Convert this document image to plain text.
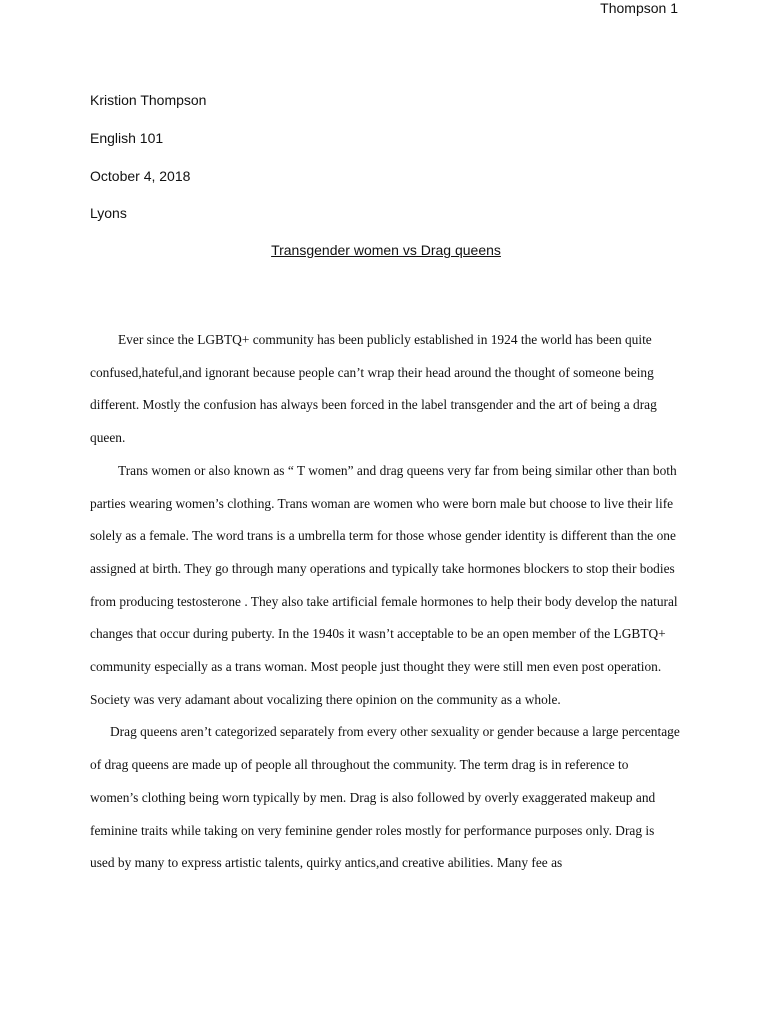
Thompson 1
Kristion Thompson
English 101
October 4, 2018
Lyons
Transgender women vs Drag queens

Ever since the LGBTQ+ community has been publicly established in 1924 the world has been quite confused,hateful,and ignorant because people can’t wrap their head around the thought of someone being different. Mostly the confusion has always been forced in the label transgender and the art of being a drag queen.

Trans women or also known as “ T women” and drag queens very far from being similar other than both parties wearing women’s clothing. Trans woman are women who were born male but choose to live their life solely as a female. The word trans is a umbrella term for those whose gender identity is different than the one assigned at birth. They go through many operations and typically take hormones blockers to stop their bodies from producing testosterone . They also take artificial female hormones to help their body develop the natural changes that occur during puberty. In the 1940s it wasn’t acceptable to be an open member of the LGBTQ+ community especially as a trans woman. Most people just thought they were still men even post operation. Society was very adamant about vocalizing there opinion on the community as a whole.

Drag queens aren’t categorized separately from every other sexuality or gender because a large percentage of drag queens are made up of people all throughout the community. The term drag is in reference to women’s clothing being worn typically by men. Drag is also followed by overly exaggerated makeup and feminine traits while taking on very feminine gender roles mostly for performance purposes only. Drag is used by many to express artistic talents, quirky antics,and creative abilities. Many fee as
